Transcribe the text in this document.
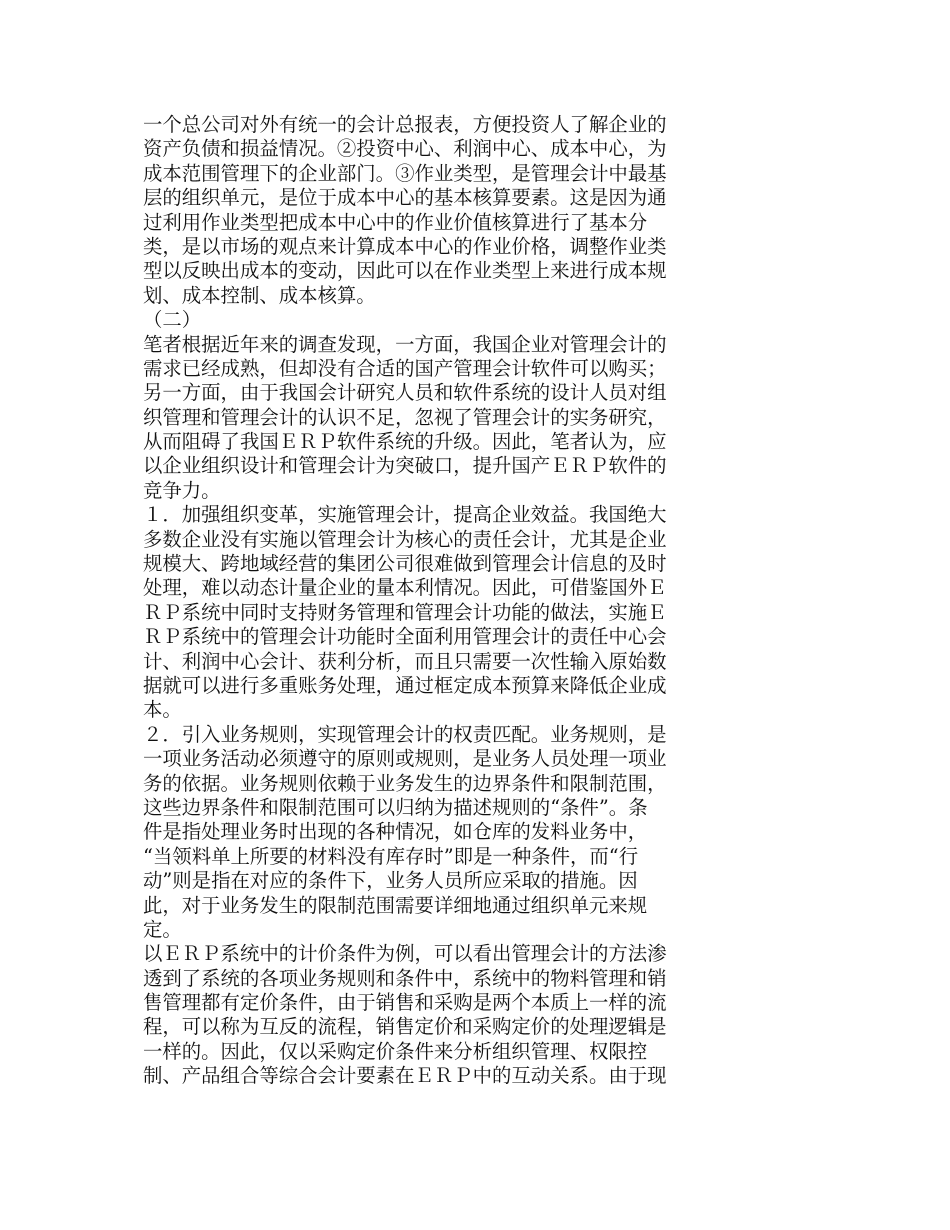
一个总公司对外有统一的会计总报表，方便投资人了解企业的
资产负债和损益情况。②投资中心、利润中心、成本中心，为
成本范围管理下的企业部门。③作业类型，是管理会计中最基
层的组织单元，是位于成本中心的基本核算要素。这是因为通
过利用作业类型把成本中心中的作业价值核算进行了基本分
类，是以市场的观点来计算成本中心的作业价格，调整作业类
型以反映出成本的变动，因此可以在作业类型上来进行成本规
划、成本控制、成本核算。
（二）
笔者根据近年来的调查发现，一方面，我国企业对管理会计的
需求已经成熟，但却没有合适的国产管理会计软件可以购买；
另一方面，由于我国会计研究人员和软件系统的设计人员对组
织管理和管理会计的认识不足，忽视了管理会计的实务研究，
从而阻碍了我国ＥＲＰ软件系统的升级。因此，笔者认为，应
以企业组织设计和管理会计为突破口，提升国产ＥＲＰ软件的
竞争力。
１．加强组织变革，实施管理会计，提高企业效益。我国绝大
多数企业没有实施以管理会计为核心的责任会计，尤其是企业
规模大、跨地域经营的集团公司很难做到管理会计信息的及时
处理，难以动态计量企业的量本利情况。因此，可借鉴国外Ｅ
ＲＰ系统中同时支持财务管理和管理会计功能的做法，实施Ｅ
ＲＰ系统中的管理会计功能时全面利用管理会计的责任中心会
计、利润中心会计、获利分析，而且只需要一次性输入原始数
据就可以进行多重账务处理，通过框定成本预算来降低企业成
本。
２．引入业务规则，实现管理会计的权责匹配。业务规则，是
一项业务活动必须遵守的原则或规则，是业务人员处理一项业
务的依据。业务规则依赖于业务发生的边界条件和限制范围，
这些边界条件和限制范围可以归纳为描述规则的“条件”。条
件是指处理业务时出现的各种情况，如仓库的发料业务中，
“当领料单上所要的材料没有库存时”即是一种条件，而“行
动”则是指在对应的条件下，业务人员所应采取的措施。因
此，对于业务发生的限制范围需要详细地通过组织单元来规
定。
以ＥＲＰ系统中的计价条件为例，可以看出管理会计的方法渗
透到了系统的各项业务规则和条件中，系统中的物料管理和销
售管理都有定价条件，由于销售和采购是两个本质上一样的流
程，可以称为互反的流程，销售定价和采购定价的处理逻辑是
一样的。因此，仅以采购定价条件来分析组织管理、权限控
制、产品组合等综合会计要素在ＥＲＰ中的互动关系。由于现
